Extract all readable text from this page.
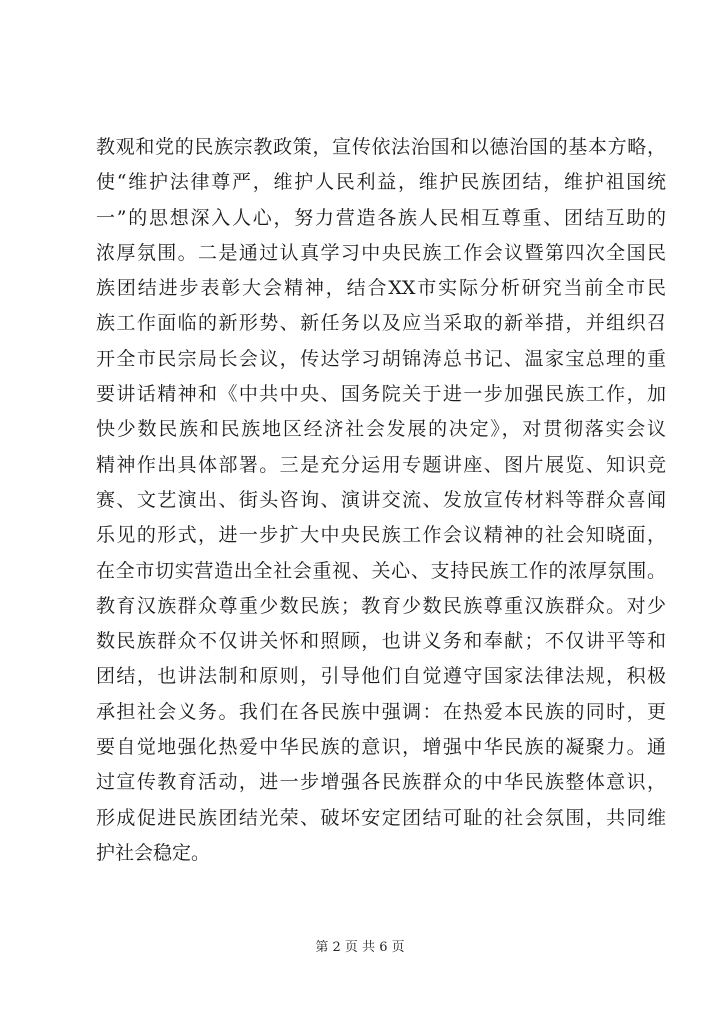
教观和党的民族宗教政策，宣传依法治国和以德治国的基本方略，
使“维护法律尊严，维护人民利益，维护民族团结，维护祖国统
一”的思想深入人心，努力营造各族人民相互尊重、团结互助的
浓厚氛围。二是通过认真学习中央民族工作会议暨第四次全国民
族团结进步表彰大会精神，结合XX市实际分析研究当前全市民
族工作面临的新形势、新任务以及应当采取的新举措，并组织召
开全市民宗局长会议，传达学习胡锦涛总书记、温家宝总理的重
要讲话精神和《中共中央、国务院关于进一步加强民族工作，加
快少数民族和民族地区经济社会发展的决定》，对贯彻落实会议
精神作出具体部署。三是充分运用专题讲座、图片展览、知识竞
赛、文艺演出、街头咨询、演讲交流、发放宣传材料等群众喜闻
乐见的形式，进一步扩大中央民族工作会议精神的社会知晓面，
在全市切实营造出全社会重视、关心、支持民族工作的浓厚氛围。
教育汉族群众尊重少数民族；教育少数民族尊重汉族群众。对少
数民族群众不仅讲关怀和照顾，也讲义务和奉献；不仅讲平等和
团结，也讲法制和原则，引导他们自觉遵守国家法律法规，积极
承担社会义务。我们在各民族中强调：在热爱本民族的同时，更
要自觉地强化热爱中华民族的意识，增强中华民族的凝聚力。通
过宣传教育活动，进一步增强各民族群众的中华民族整体意识，
形成促进民族团结光荣、破坏安定团结可耻的社会氛围，共同维
护社会稳定。
第 2 页 共 6 页
